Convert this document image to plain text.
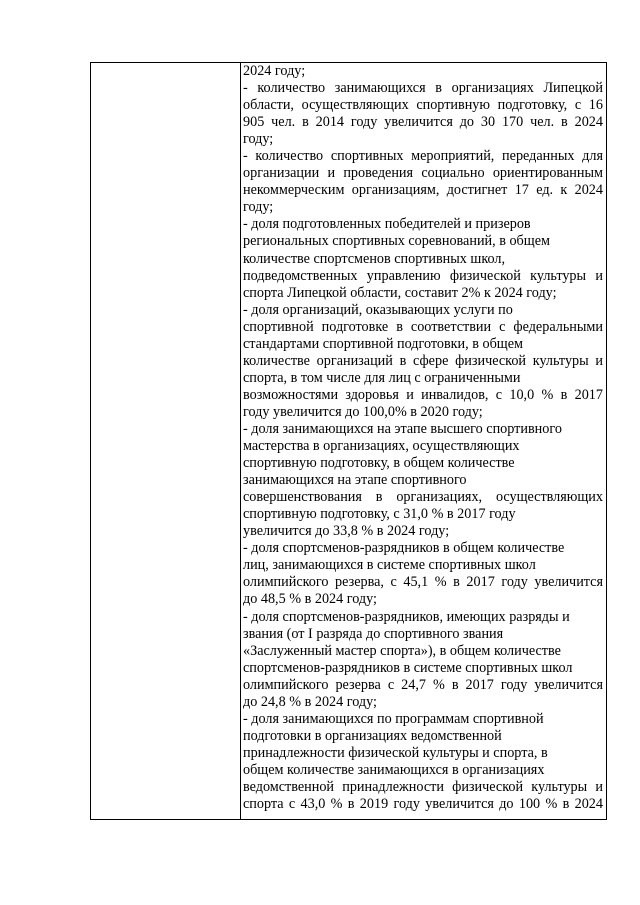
2024 году;
- количество занимающихся в организациях Липецкой
области, осуществляющих спортивную подготовку, с 16
905 чел. в 2014 году увеличится до 30 170 чел. в 2024
году;
- количество спортивных мероприятий, переданных для
организации и проведения социально ориентированным
некоммерческим организациям, достигнет 17 ед. к 2024
году;
- доля подготовленных победителей и призеров
региональных спортивных соревнований, в общем
количестве спортсменов спортивных школ,
подведомственных управлению физической культуры и
спорта Липецкой области, составит 2% к 2024 году;
- доля организаций, оказывающих услуги по
спортивной подготовке в соответствии с федеральными
стандартами спортивной подготовки, в общем
количестве организаций в сфере физической культуры и
спорта, в том числе для лиц с ограниченными
возможностями здоровья и инвалидов, с 10,0 % в 2017
году увеличится до 100,0% в 2020 году;
- доля занимающихся на этапе высшего спортивного
мастерства в организациях, осуществляющих
спортивную подготовку, в общем количестве
занимающихся на этапе спортивного
совершенствования в организациях, осуществляющих
спортивную подготовку, с 31,0 % в 2017 году
увеличится до 33,8 % в 2024 году;
- доля спортсменов-разрядников в общем количестве
лиц, занимающихся в системе спортивных школ
олимпийского резерва, с 45,1 % в 2017 году увеличится
до 48,5 % в 2024 году;
- доля спортсменов-разрядников, имеющих разряды и
звания (от I разряда до спортивного звания
«Заслуженный мастер спорта»), в общем количестве
спортсменов-разрядников в системе спортивных школ
олимпийского резерва с 24,7 % в 2017 году увеличится
до 24,8 % в 2024 году;
- доля занимающихся по программам спортивной
подготовки в организациях ведомственной
принадлежности физической культуры и спорта, в
общем количестве занимающихся в организациях
ведомственной принадлежности физической культуры и
спорта с 43,0 % в 2019 году увеличится до 100 % в 2024
